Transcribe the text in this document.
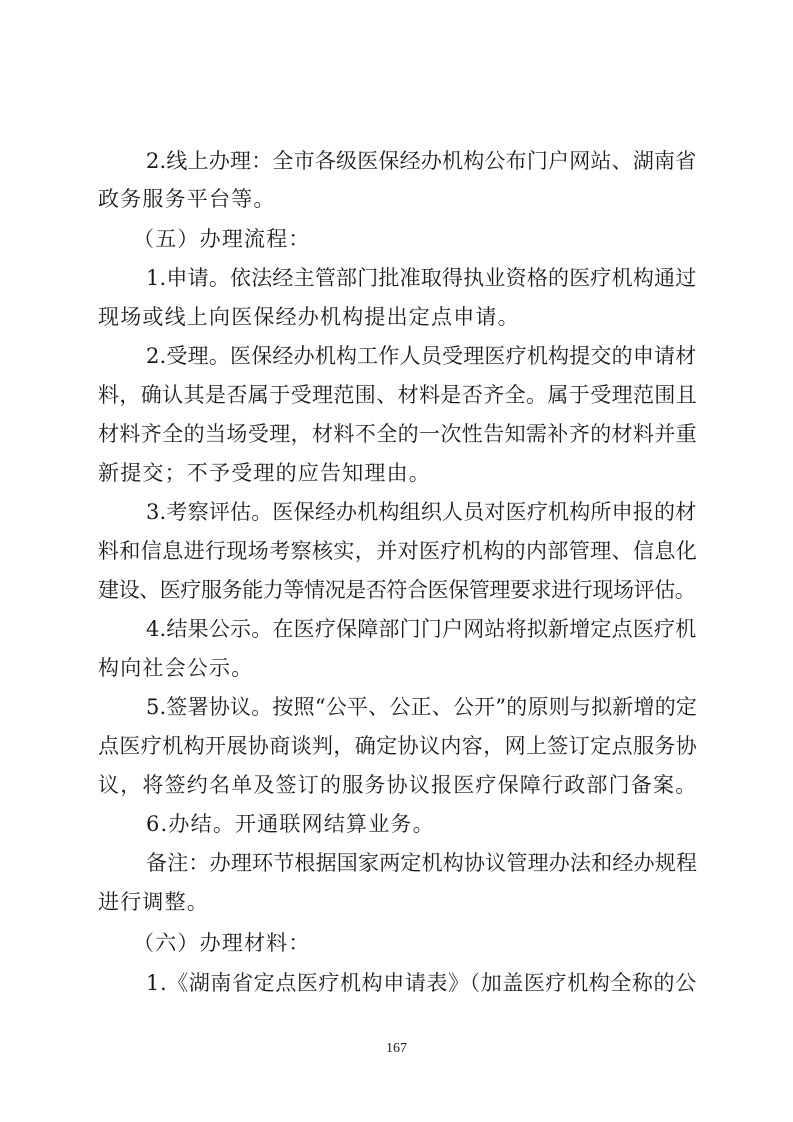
2.线上办理：全市各级医保经办机构公布门户网站、湖南省
政务服务平台等。
（五）办理流程：
1.申请。依法经主管部门批准取得执业资格的医疗机构通过
现场或线上向医保经办机构提出定点申请。
2.受理。医保经办机构工作人员受理医疗机构提交的申请材
料，确认其是否属于受理范围、材料是否齐全。属于受理范围且
材料齐全的当场受理，材料不全的一次性告知需补齐的材料并重
新提交；不予受理的应告知理由。
3.考察评估。医保经办机构组织人员对医疗机构所申报的材
料和信息进行现场考察核实，并对医疗机构的内部管理、信息化
建设、医疗服务能力等情况是否符合医保管理要求进行现场评估。
4.结果公示。在医疗保障部门门户网站将拟新增定点医疗机
构向社会公示。
5.签署协议。按照“公平、公正、公开”的原则与拟新增的定
点医疗机构开展协商谈判，确定协议内容，网上签订定点服务协
议，将签约名单及签订的服务协议报医疗保障行政部门备案。
6.办结。开通联网结算业务。
备注：办理环节根据国家两定机构协议管理办法和经办规程
进行调整。
（六）办理材料：
1.《湖南省定点医疗机构申请表》（加盖医疗机构全称的公
167
